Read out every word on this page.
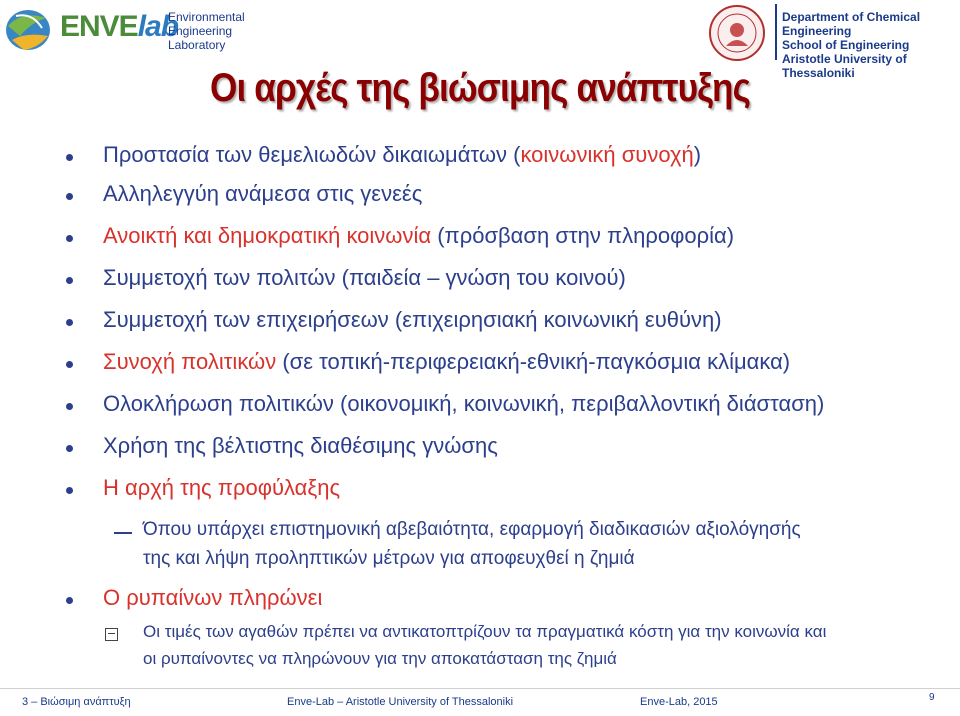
ENVElab
Environmental
Engineering
Laboratory
Department of Chemical Engineering
School of Engineering
Aristotle University of Thessaloniki
Οι αρχές της βιώσιμης ανάπτυξης
Προστασία των θεμελιωδών δικαιωμάτων (κοινωνική συνοχή)
Αλληλεγγύη ανάμεσα στις γενεές
Ανοικτή και δημοκρατική κοινωνία (πρόσβαση στην πληροφορία)
Συμμετοχή των πολιτών (παιδεία – γνώση του κοινού)
Συμμετοχή των επιχειρήσεων (επιχειρησιακή κοινωνική ευθύνη)
Συνοχή πολιτικών (σε τοπική-περιφερειακή-εθνική-παγκόσμια κλίμακα)
Ολοκλήρωση πολιτικών (οικονομική, κοινωνική, περιβαλλοντική διάσταση)
Χρήση της βέλτιστης διαθέσιμης γνώσης
Η αρχή της προφύλαξης
Όπου υπάρχει επιστημονική αβεβαιότητα, εφαρμογή διαδικασιών αξιολόγησής
της και λήψη προληπτικών μέτρων για αποφευχθεί η ζημιά
Ο ρυπαίνων πληρώνει
Οι τιμές των αγαθών πρέπει να αντικατοπτρίζουν τα πραγματικά κόστη για την κοινωνία και
οι ρυπαίνοντες να πληρώνουν για την αποκατάσταση της ζημιά
3 – Βιώσιμη ανάπτυξη	Enve-Lab – Aristotle University of Thessaloniki	Enve-Lab, 2015	9
